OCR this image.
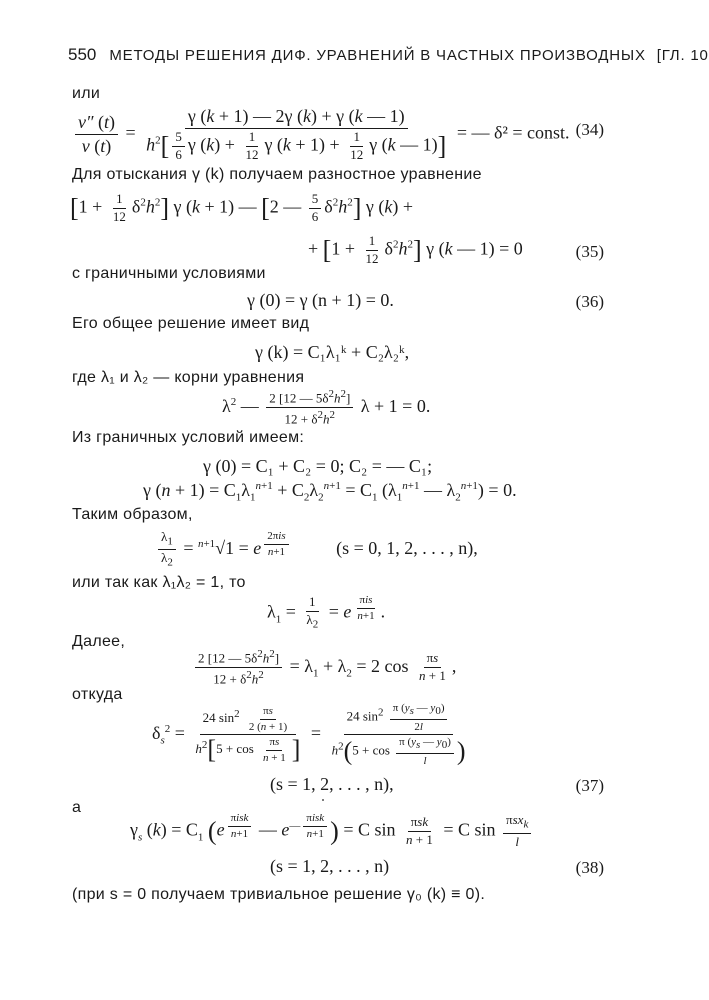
550 МЕТОДЫ РЕШЕНИЯ ДИФ. УРАВНЕНИЙ В ЧАСТНЫХ ПРОИЗВОДНЫХ [ГЛ. 10
или
$\frac{v'' (t)}{v (t)} = \frac{\gamma (k + 1) — 2\gamma (k) + \gamma (k — 1)}{h^2[ \frac{5}{6} \gamma (k) + \frac{1}{12} \gamma (k + 1) + \frac{1}{12} \gamma (k — 1)]}$ = — δ² = const. (34)
Для отыскания γ (k) получаем разностное уравнение
$[1 + \frac{1}{12} \delta^2h^2]$ γ (k + 1) — [2 — $\frac{5}{6} \delta^2h^2$] γ (k) +
+ $[1 + \frac{1}{12} \delta^2h^2]$ γ (k — 1) = 0	(35)
с граничными условиями
γ (0) = γ (n + 1) = 0.	(36)
Его общее решение имеет вид
γ (k) = C₁λ₁ᵏ + C₂λ₂ᵏ,
где λ₁ и λ₂ — корни уравнения
$\lambda^2$ — $\frac{2 [12 — 5\delta^2h^2]}{12 + \delta^2h^2}$ λ + 1 = 0.
Из граничных условий имеем:
γ (0) = C₁ + C₂ = 0; C₂ = — C₁;
γ $(n + 1) = C_1\lambda_1^{n+1} + C_2\lambda_2^{n+1} = C_1$ ($\lambda_1^{n+1}$ — $\lambda_2^{n+1}) = 0$.
Таким образом,
$\frac{\lambda_1}{\lambda_2} = ^{n+1}√1 = e$
$^{2\pi is n+1}$	(s = 0, 1, 2, . . . , n),
или так как λ₁λ₂ = 1, то
$\lambda_1 = \frac{1}{\lambda_2} = e$
$^{\pi is n+1}$ .
Далее,
$\frac{2 [12 — 5\delta^2h^2]}{12 + \delta^2h^2} = \lambda_1 + \lambda_2 = 2$ $\cos \frac{\pi s}{n + 1}$ ,
откуда
$\delta_s^2$ =
24 $\sin^2 \frac{\pi s}{2 (n + 1)}$
$h^2[5 + \cos \frac{\pi s}{n + 1}$ ]
= $\frac{24 \sin^2 \frac{\pi (y_s — y_0)}{2l}}{h^2(5 + \cos \frac{\pi (y_s — y_0)}{l} )}$
(s = 1, 2, . . . , n),	(37)
а
$\gamma_s$ $(k) = C_1$ (e
$^{\pi isk n+1}$ — $e^{— \pi isk n+1}$ ) = C sin πsk
n + 1 = C sin πsx$_k$
l
(s = 1, 2, . . . , n)	(38)
(при s = 0 получаем тривиальное решение γ₀ (k) ≡ 0).
